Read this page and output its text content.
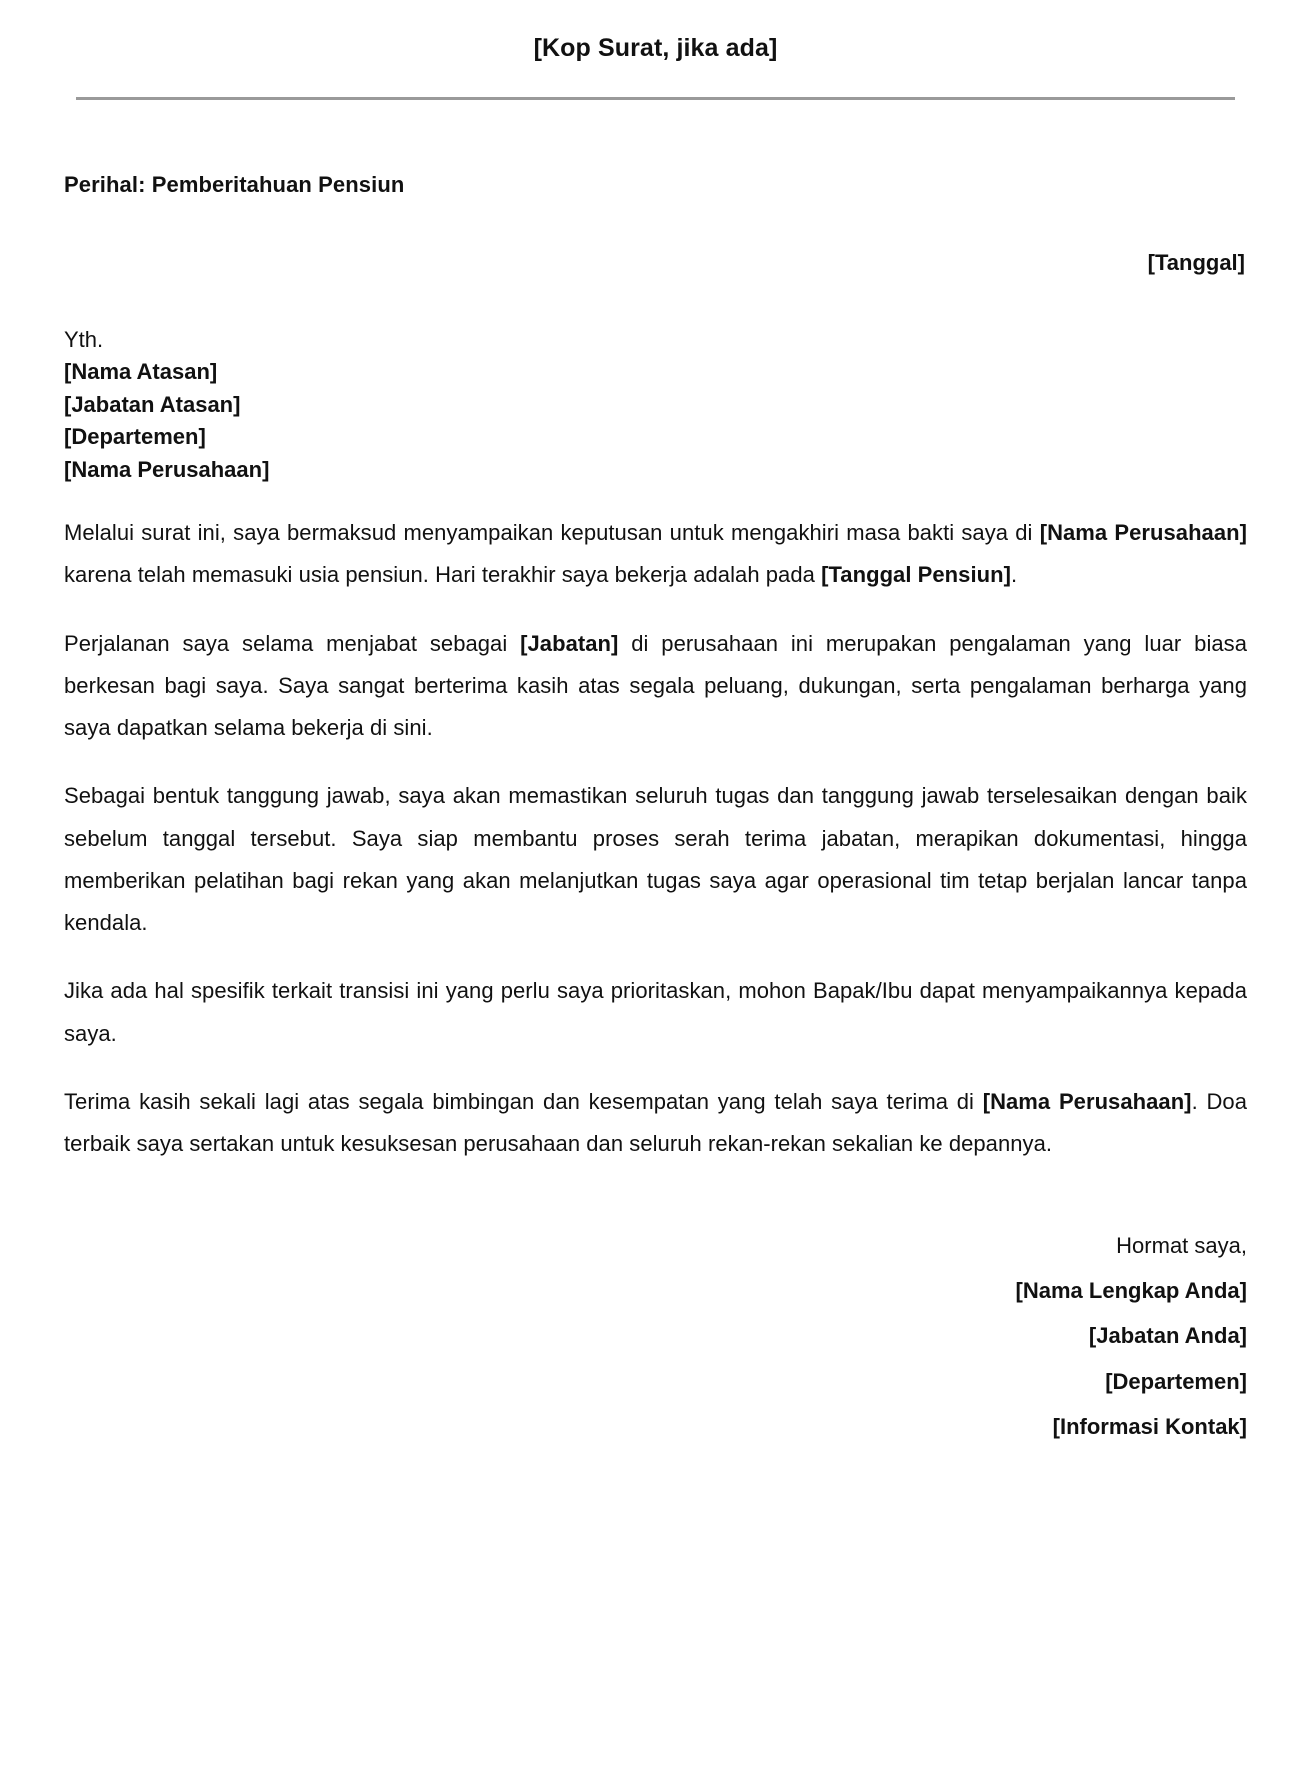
[Kop Surat, jika ada]
Perihal: Pemberitahuan Pensiun
[Tanggal]
Yth.
[Nama Atasan]
[Jabatan Atasan]
[Departemen]
[Nama Perusahaan]

Melalui surat ini, saya bermaksud menyampaikan keputusan untuk mengakhiri masa bakti saya di [Nama Perusahaan] karena telah memasuki usia pensiun. Hari terakhir saya bekerja adalah pada [Tanggal Pensiun].

Perjalanan saya selama menjabat sebagai [Jabatan] di perusahaan ini merupakan pengalaman yang luar biasa berkesan bagi saya. Saya sangat berterima kasih atas segala peluang, dukungan, serta pengalaman berharga yang saya dapatkan selama bekerja di sini.

Sebagai bentuk tanggung jawab, saya akan memastikan seluruh tugas dan tanggung jawab terselesaikan dengan baik sebelum tanggal tersebut. Saya siap membantu proses serah terima jabatan, merapikan dokumentasi, hingga memberikan pelatihan bagi rekan yang akan melanjutkan tugas saya agar operasional tim tetap berjalan lancar tanpa kendala.

Jika ada hal spesifik terkait transisi ini yang perlu saya prioritaskan, mohon Bapak/Ibu dapat menyampaikannya kepada saya.

Terima kasih sekali lagi atas segala bimbingan dan kesempatan yang telah saya terima di [Nama Perusahaan]. Doa terbaik saya sertakan untuk kesuksesan perusahaan dan seluruh rekan-rekan sekalian ke depannya.

Hormat saya,
[Nama Lengkap Anda]
[Jabatan Anda]
[Departemen]
[Informasi Kontak]
